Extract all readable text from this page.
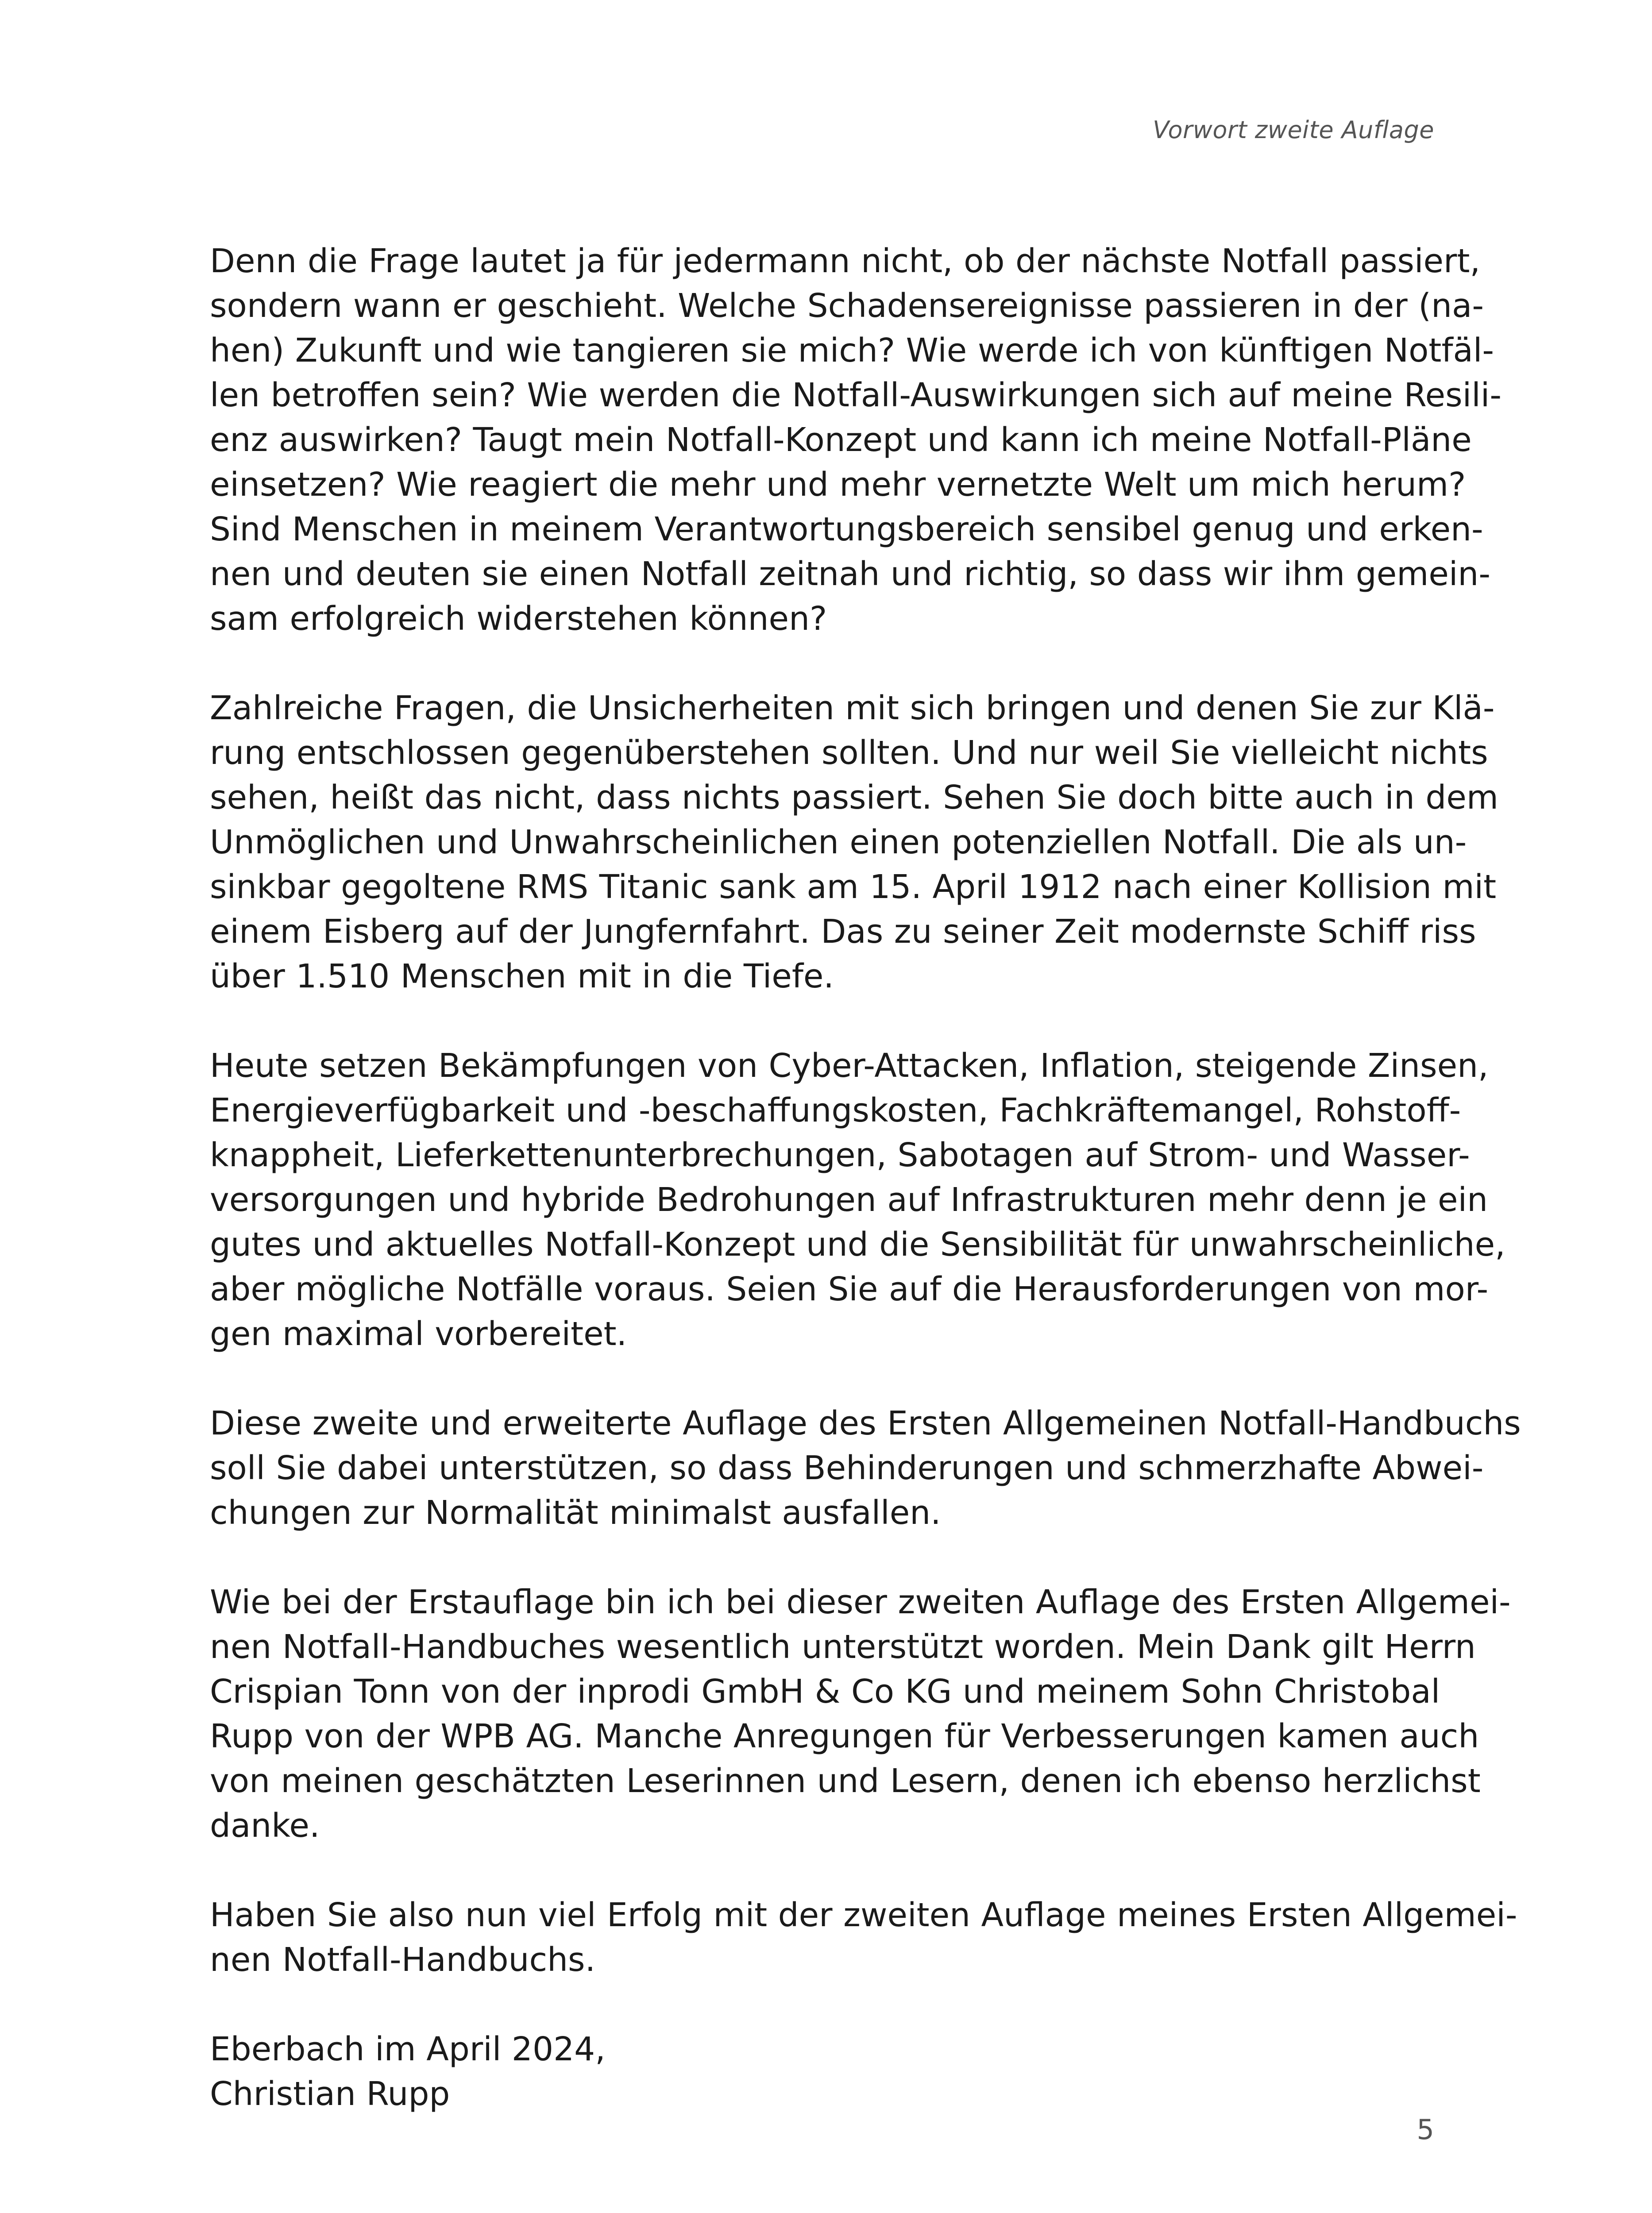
Vorwort zweite Auflage

Denn die Frage lautet ja für jedermann nicht, ob der nächste Notfall passiert,
sondern wann er geschieht. Welche Schadensereignisse passieren in der (na-
hen) Zukunft und wie tangieren sie mich? Wie werde ich von künftigen Notfäl-
len betroffen sein? Wie werden die Notfall-Auswirkungen sich auf meine Resili-
enz auswirken? Taugt mein Notfall-Konzept und kann ich meine Notfall-Pläne
einsetzen? Wie reagiert die mehr und mehr vernetzte Welt um mich herum?
Sind Menschen in meinem Verantwortungsbereich sensibel genug und erken-
nen und deuten sie einen Notfall zeitnah und richtig, so dass wir ihm gemein-
sam erfolgreich widerstehen können?

Zahlreiche Fragen, die Unsicherheiten mit sich bringen und denen Sie zur Klä-
rung entschlossen gegenüberstehen sollten. Und nur weil Sie vielleicht nichts
sehen, heißt das nicht, dass nichts passiert. Sehen Sie doch bitte auch in dem
Unmöglichen und Unwahrscheinlichen einen potenziellen Notfall. Die als un-
sinkbar gegoltene RMS Titanic sank am 15. April 1912 nach einer Kollision mit
einem Eisberg auf der Jungfernfahrt. Das zu seiner Zeit modernste Schiff riss
über 1.510 Menschen mit in die Tiefe.

Heute setzen Bekämpfungen von Cyber-Attacken, Inflation, steigende Zinsen,
Energieverfügbarkeit und -beschaffungskosten, Fachkräftemangel, Rohstoff-
knappheit, Lieferkettenunterbrechungen, Sabotagen auf Strom- und Wasser-
versorgungen und hybride Bedrohungen auf Infrastrukturen mehr denn je ein
gutes und aktuelles Notfall-Konzept und die Sensibilität für unwahrscheinliche,
aber mögliche Notfälle voraus. Seien Sie auf die Herausforderungen von mor-
gen maximal vorbereitet.

Diese zweite und erweiterte Auflage des Ersten Allgemeinen Notfall-Handbuchs
soll Sie dabei unterstützen, so dass Behinderungen und schmerzhafte Abwei-
chungen zur Normalität minimalst ausfallen.

Wie bei der Erstauflage bin ich bei dieser zweiten Auflage des Ersten Allgemei-
nen Notfall-Handbuches wesentlich unterstützt worden. Mein Dank gilt Herrn
Crispian Tonn von der inprodi GmbH & Co KG und meinem Sohn Christobal
Rupp von der WPB AG. Manche Anregungen für Verbesserungen kamen auch
von meinen geschätzten Leserinnen und Lesern, denen ich ebenso herzlichst
danke.

Haben Sie also nun viel Erfolg mit der zweiten Auflage meines Ersten Allgemei-
nen Notfall-Handbuchs.

Eberbach im April 2024,
Christian Rupp
5
